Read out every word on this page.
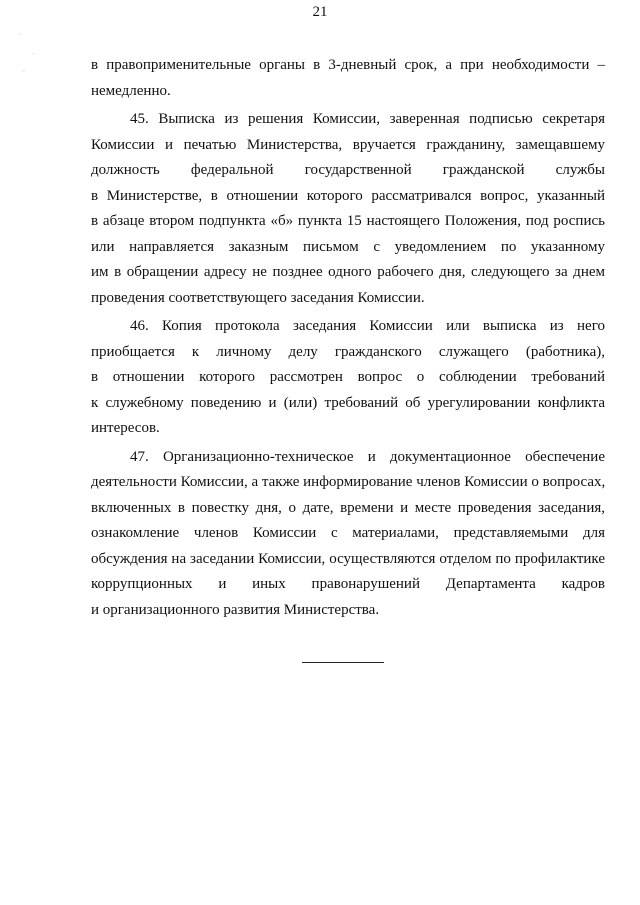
·
·
-
21
в правоприменительные органы в 3-дневный срок, а при необходимости –
немедленно.
45. Выписка из решения Комиссии, заверенная подписью секретаря
Комиссии и печатью Министерства, вручается гражданину, замещавшему
должность федеральной государственной гражданской службы
в Министерстве, в отношении которого рассматривался вопрос, указанный
в абзаце втором подпункта «б» пункта 15 настоящего Положения, под роспись
или направляется заказным письмом с уведомлением по указанному
им в обращении адресу не позднее одного рабочего дня, следующего за днем
проведения соответствующего заседания Комиссии.
46. Копия протокола заседания Комиссии или выписка из него
приобщается к личному делу гражданского служащего (работника),
в отношении которого рассмотрен вопрос о соблюдении требований
к служебному поведению и (или) требований об урегулировании конфликта
интересов.
47. Организационно-техническое и документационное обеспечение
деятельности Комиссии, а также информирование членов Комиссии о вопросах,
включенных в повестку дня, о дате, времени и месте проведения заседания,
ознакомление членов Комиссии с материалами, представляемыми для
обсуждения на заседании Комиссии, осуществляются отделом по профилактике
коррупционных и иных правонарушений Департамента кадров
и организационного развития Министерства.
